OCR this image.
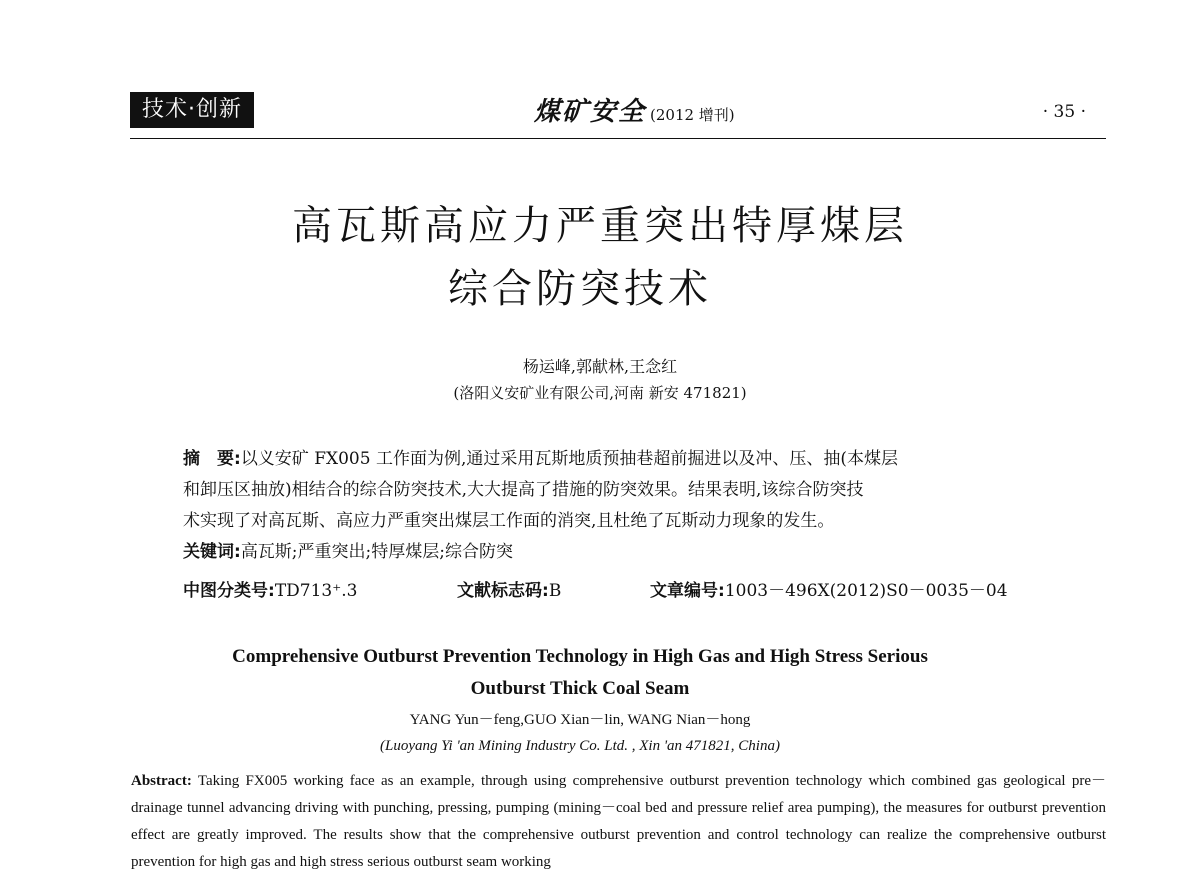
技术·创新	煤矿安全 (2012 增刊)	· 35 ·
高瓦斯高应力严重突出特厚煤层
综合防突技术
杨运峰,郭献林,王念红
(洛阳义安矿业有限公司,河南 新安 471821)

摘　要:以义安矿 FX005 工作面为例,通过采用瓦斯地质预抽巷超前掘进以及冲、压、抽(本煤层

和卸压区抽放)相结合的综合防突技术,大大提高了措施的防突效果。结果表明,该综合防突技

术实现了对高瓦斯、高应力严重突出煤层工作面的消突,且杜绝了瓦斯动力现象的发生。

关键词:高瓦斯;严重突出;特厚煤层;综合防突

中图分类号:TD713⁺.3	文献标志码:B	文章编号:1003－496X(2012)S0－0035－04
Comprehensive Outburst Prevention Technology in High Gas and High Stress Serious
Outburst Thick Coal Seam
YANG Yun－feng,GUO Xian－lin, WANG Nian－hong
(Luoyang Yi 'an Mining Industry Co. Ltd. , Xin 'an 471821, China)
Abstract: Taking FX005 working face as an example, through using comprehensive outburst prevention technology which combined gas geological pre－drainage tunnel advancing driving with punching, pressing, pumping (mining－coal bed and pressure relief area pumping), the measures for outburst prevention effect are greatly improved. The results show that the comprehensive outburst prevention and control technology can realize the comprehensive outburst prevention for high gas and high stress serious outburst seam working
